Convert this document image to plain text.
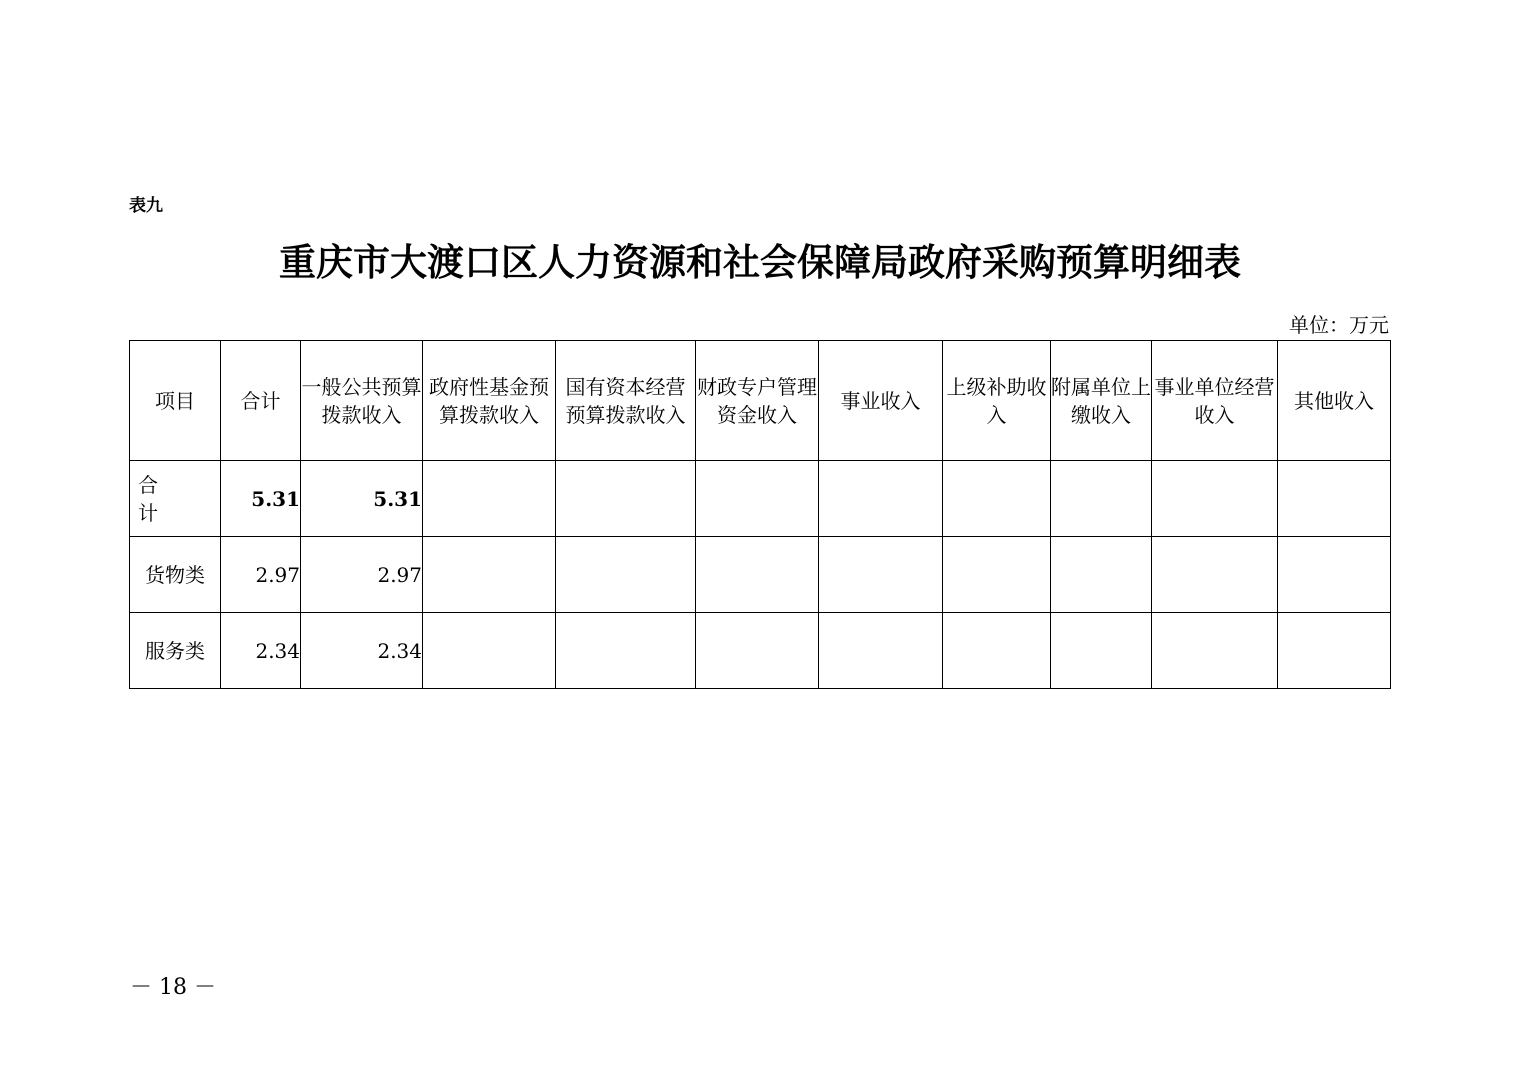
表九
重庆市大渡口区人力资源和社会保障局政府采购预算明细表
单位：万元
项目	合计	一般公共预算拨款收入	政府性基金预算拨款收入	国有资本经营预算拨款收入	财政专户管理资金收入	事业收入	上级补助收入	附属单位上缴收入	事业单位经营收入	其他收入
合计	5.31	5.31								
货物类	2.97	2.97								
服务类	2.34	2.34								
－ 18 －
